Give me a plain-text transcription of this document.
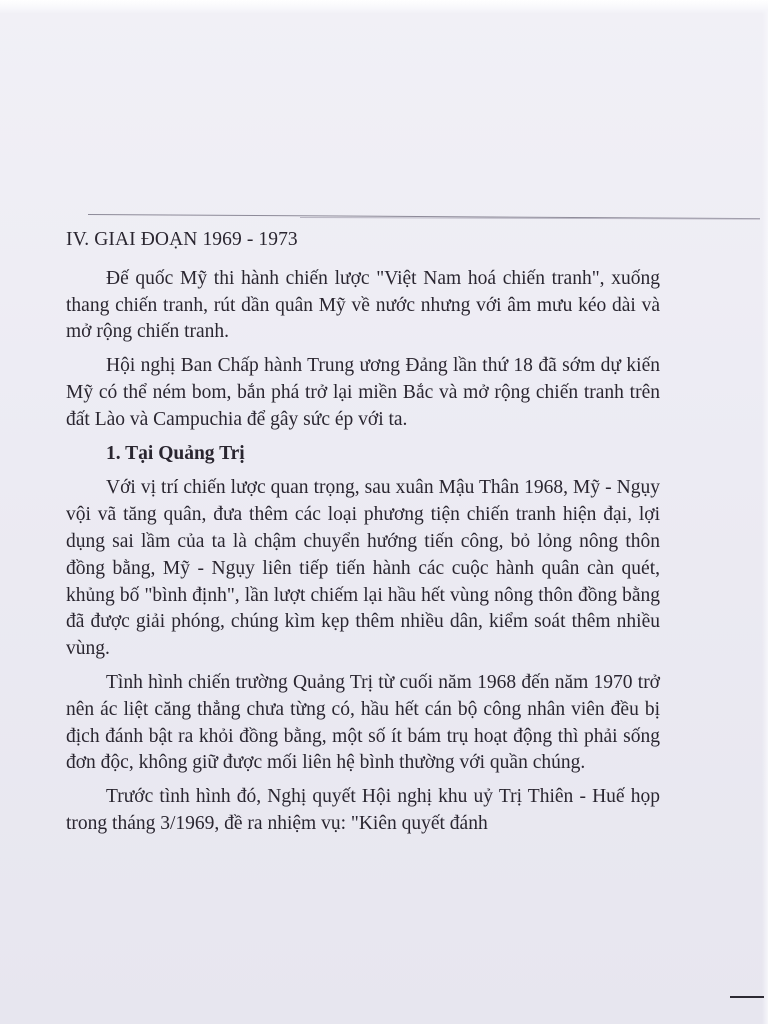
IV. GIAI ĐOẠN 1969 - 1973

Đế quốc Mỹ thi hành chiến lược "Việt Nam hoá chiến tranh", xuống thang chiến tranh, rút dần quân Mỹ về nước nhưng với âm mưu kéo dài và mở rộng chiến tranh.

Hội nghị Ban Chấp hành Trung ương Đảng lần thứ 18 đã sớm dự kiến Mỹ có thể ném bom, bắn phá trở lại miền Bắc và mở rộng chiến tranh trên đất Lào và Campuchia để gây sức ép với ta.

1. Tại Quảng Trị

Với vị trí chiến lược quan trọng, sau xuân Mậu Thân 1968, Mỹ - Ngụy vội vã tăng quân, đưa thêm các loại phương tiện chiến tranh hiện đại, lợi dụng sai lầm của ta là chậm chuyển hướng tiến công, bỏ lỏng nông thôn đồng bằng, Mỹ - Ngụy liên tiếp tiến hành các cuộc hành quân càn quét, khủng bố "bình định", lần lượt chiếm lại hầu hết vùng nông thôn đồng bằng đã được giải phóng, chúng kìm kẹp thêm nhiều dân, kiểm soát thêm nhiều vùng.

Tình hình chiến trường Quảng Trị từ cuối năm 1968 đến năm 1970 trở nên ác liệt căng thẳng chưa từng có, hầu hết cán bộ công nhân viên đều bị địch đánh bật ra khỏi đồng bằng, một số ít bám trụ hoạt động thì phải sống đơn độc, không giữ được mối liên hệ bình thường với quần chúng.

Trước tình hình đó, Nghị quyết Hội nghị khu uỷ Trị Thiên - Huế họp trong tháng 3/1969, đề ra nhiệm vụ: "Kiên quyết đánh
